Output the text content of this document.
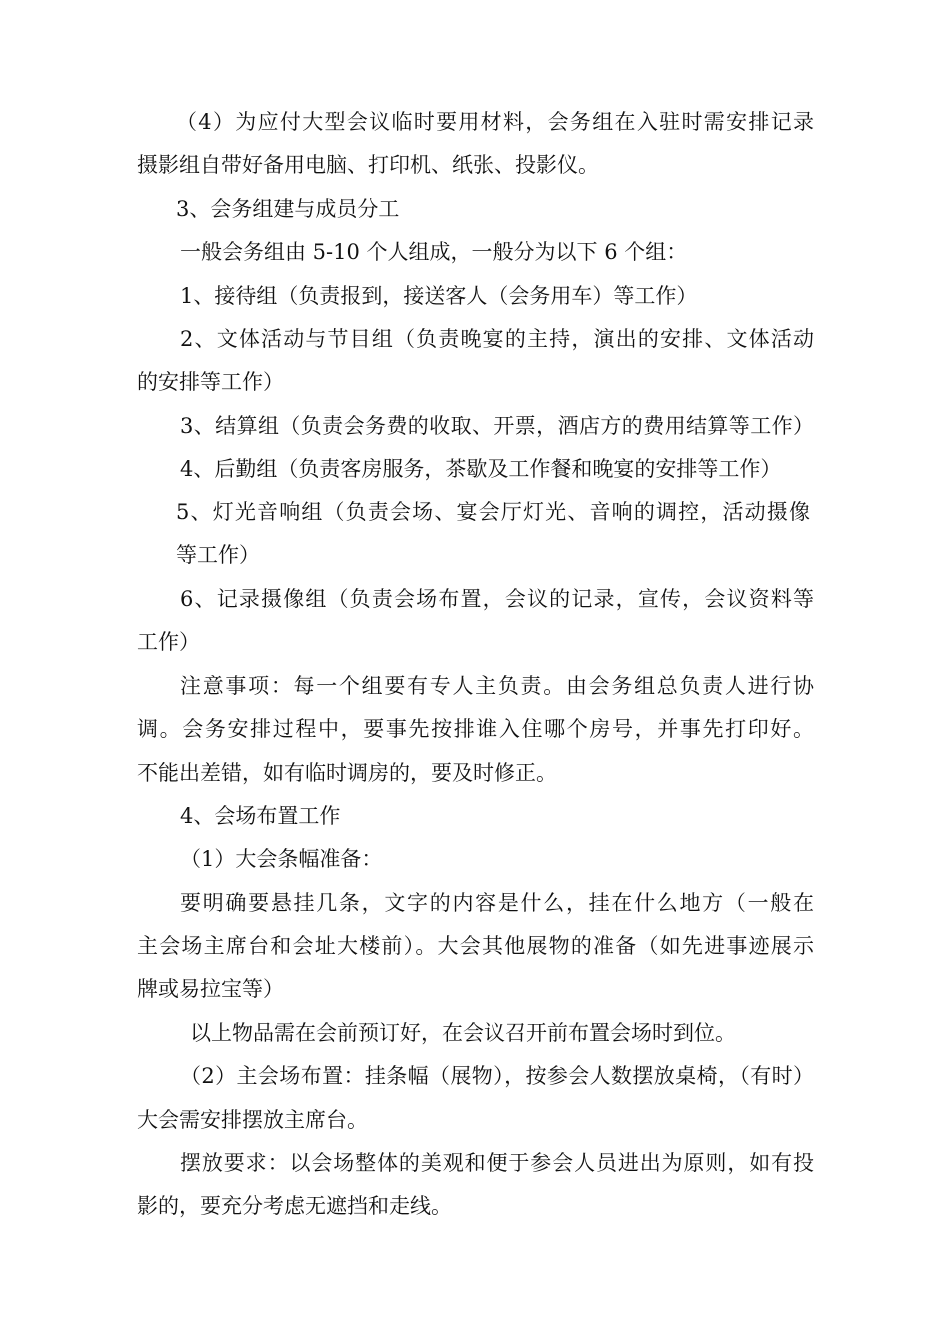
（4）为应付大型会议临时要用材料，会务组在入驻时需安排记录
摄影组自带好备用电脑、打印机、纸张、投影仪。
3、会务组建与成员分工
一般会务组由 5-10 个人组成，一般分为以下 6 个组：
1、接待组（负责报到，接送客人（会务用车）等工作）
2、文体活动与节目组（负责晚宴的主持，演出的安排、文体活动
的安排等工作）
3、结算组（负责会务费的收取、开票，酒店方的费用结算等工作）
4、后勤组（负责客房服务，茶歇及工作餐和晚宴的安排等工作）
5、灯光音响组（负责会场、宴会厅灯光、音响的调控，活动摄像
等工作）
6、记录摄像组（负责会场布置，会议的记录，宣传，会议资料等
工作）
注意事项：每一个组要有专人主负责。由会务组总负责人进行协
调。会务安排过程中，要事先按排谁入住哪个房号，并事先打印好。
不能出差错，如有临时调房的，要及时修正。
4、会场布置工作
（1）大会条幅准备：
要明确要悬挂几条，文字的内容是什么，挂在什么地方（一般在
主会场主席台和会址大楼前）。大会其他展物的准备（如先进事迹展示
牌或易拉宝等）
以上物品需在会前预订好，在会议召开前布置会场时到位。
（2）主会场布置：挂条幅（展物），按参会人数摆放桌椅，（有时）
大会需安排摆放主席台。
摆放要求：以会场整体的美观和便于参会人员进出为原则，如有投
影的，要充分考虑无遮挡和走线。
